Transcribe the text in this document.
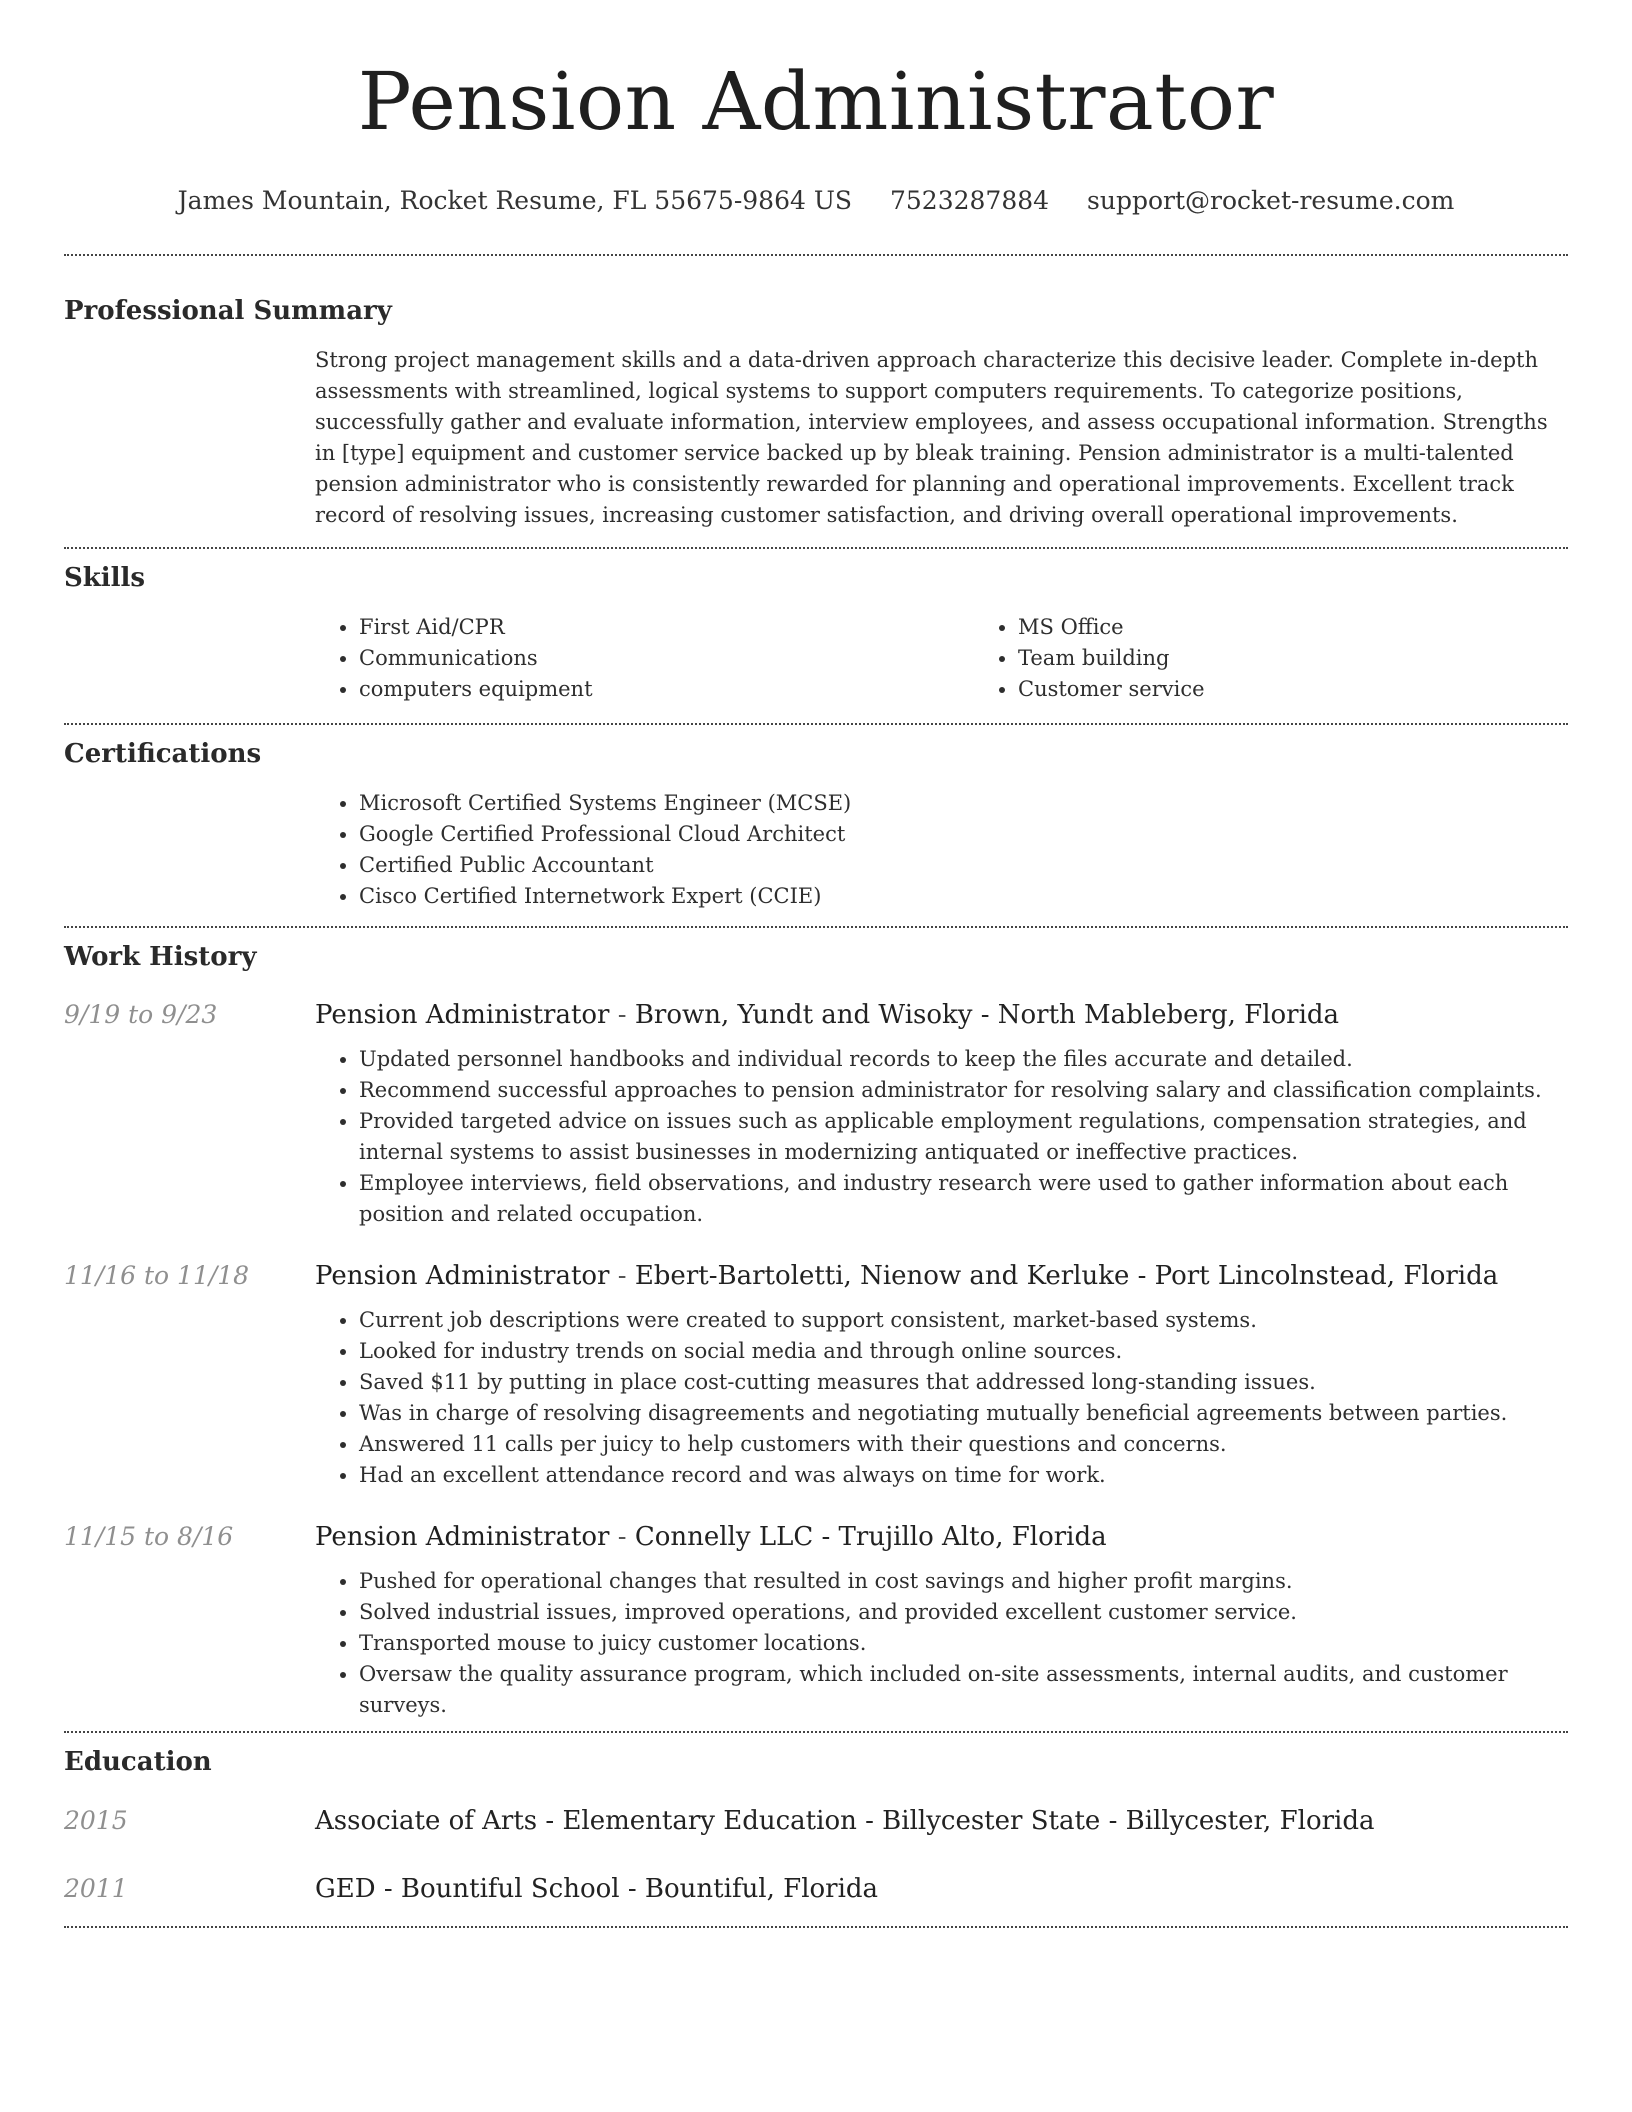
Pension Administrator
James Mountain, Rocket Resume, FL 55675-9864 US 7523287884 support@rocket-resume.com
Professional Summary
Strong project management skills and a data-driven approach characterize this decisive leader. Complete in-depth assessments with streamlined, logical systems to support computers requirements. To categorize positions, successfully gather and evaluate information, interview employees, and assess occupational information. Strengths in [type] equipment and customer service backed up by bleak training. Pension administrator is a multi-talented pension administrator who is consistently rewarded for planning and operational improvements. Excellent track record of resolving issues, increasing customer satisfaction, and driving overall operational improvements.
Skills
• First Aid/CPR
• Communications
• computers equipment
• MS Office
• Team building
• Customer service
Certifications
• Microsoft Certified Systems Engineer (MCSE)
• Google Certified Professional Cloud Architect
• Certified Public Accountant
• Cisco Certified Internetwork Expert (CCIE)
Work History
9/19 to 9/23	Pension Administrator - Brown, Yundt and Wisoky - North Mableberg, Florida
• Updated personnel handbooks and individual records to keep the files accurate and detailed.
• Recommend successful approaches to pension administrator for resolving salary and classification complaints.
• Provided targeted advice on issues such as applicable employment regulations, compensation strategies, and internal systems to assist businesses in modernizing antiquated or ineffective practices.
• Employee interviews, field observations, and industry research were used to gather information about each position and related occupation.
11/16 to 11/18	Pension Administrator - Ebert-Bartoletti, Nienow and Kerluke - Port Lincolnstead, Florida
• Current job descriptions were created to support consistent, market-based systems.
• Looked for industry trends on social media and through online sources.
• Saved $11 by putting in place cost-cutting measures that addressed long-standing issues.
• Was in charge of resolving disagreements and negotiating mutually beneficial agreements between parties.
• Answered 11 calls per juicy to help customers with their questions and concerns.
• Had an excellent attendance record and was always on time for work.
11/15 to 8/16	Pension Administrator - Connelly LLC - Trujillo Alto, Florida
• Pushed for operational changes that resulted in cost savings and higher profit margins.
• Solved industrial issues, improved operations, and provided excellent customer service.
• Transported mouse to juicy customer locations.
• Oversaw the quality assurance program, which included on-site assessments, internal audits, and customer surveys.
Education
2015	Associate of Arts - Elementary Education - Billycester State - Billycester, Florida
2011	GED - Bountiful School - Bountiful, Florida
